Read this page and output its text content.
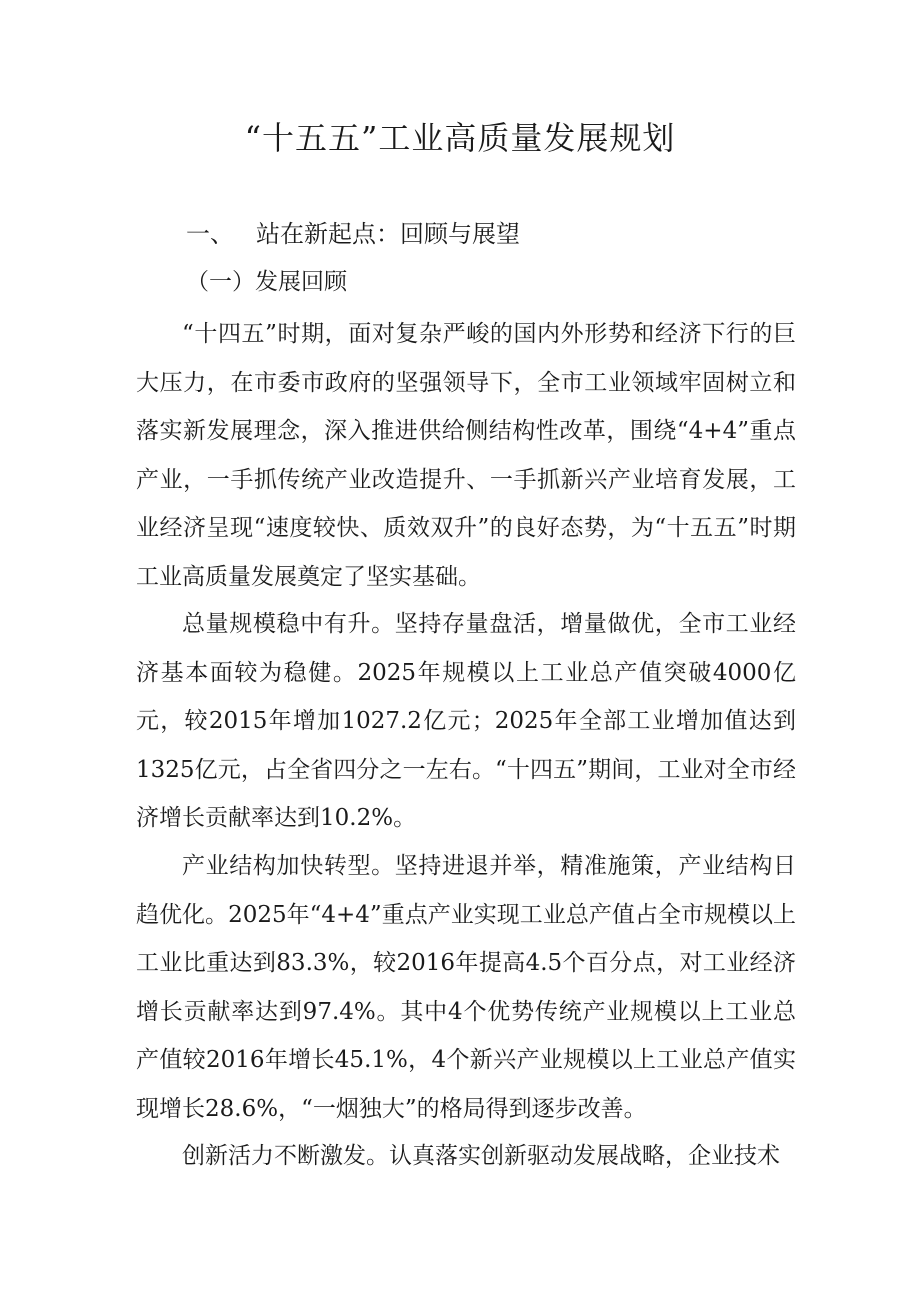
“十五五”工业高质量发展规划
一、 站在新起点：回顾与展望
（一）发展回顾

“十四五”时期，面对复杂严峻的国内外形势和经济下行的巨大压力，在市委市政府的坚强领导下，全市工业领域牢固树立和落实新发展理念，深入推进供给侧结构性改革，围绕“4+4”重点产业，一手抓传统产业改造提升、一手抓新兴产业培育发展，工业经济呈现“速度较快、质效双升”的良好态势，为“十五五”时期工业高质量发展奠定了坚实基础。

总量规模稳中有升。坚持存量盘活，增量做优，全市工业经济基本面较为稳健。2025年规模以上工业总产值突破4000亿元，较2015年增加1027.2亿元；2025年全部工业增加值达到1325亿元，占全省四分之一左右。“十四五”期间，工业对全市经济增长贡献率达到10.2%。

产业结构加快转型。坚持进退并举，精准施策，产业结构日趋优化。2025年“4+4”重点产业实现工业总产值占全市规模以上工业比重达到83.3%，较2016年提高4.5个百分点，对工业经济增长贡献率达到97.4%。其中4个优势传统产业规模以上工业总产值较2016年增长45.1%，4个新兴产业规模以上工业总产值实现增长28.6%，“一烟独大”的格局得到逐步改善。

创新活力不断激发。认真落实创新驱动发展战略，企业技术
